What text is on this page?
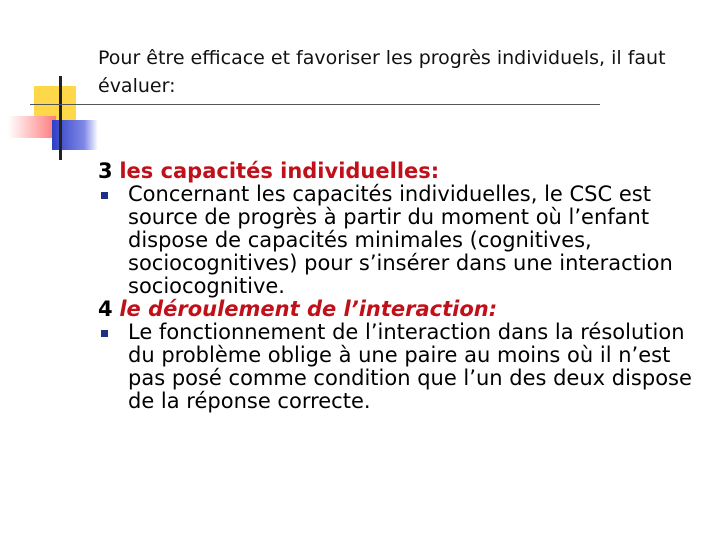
Pour être efficace et favoriser les progrès individuels, il faut évaluer:

3 les capacités individuelles:

Concernant les capacités individuelles, le CSC est source de progrès à partir du moment où l’enfant dispose de capacités minimales (cognitives, sociocognitives) pour s’insérer dans une interaction sociocognitive.

4 le déroulement de l’interaction:

Le fonctionnement de l’interaction dans la résolution du problème oblige à une paire au moins où il n’est pas posé comme condition que l’un des deux dispose de la réponse correcte.
